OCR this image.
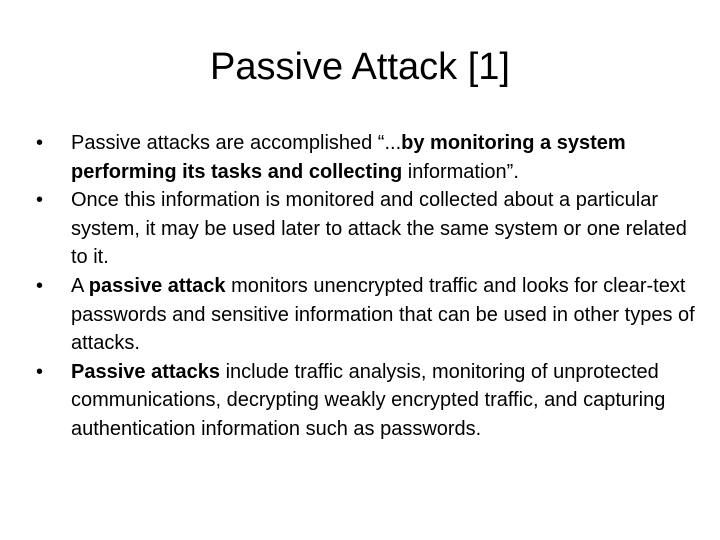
Passive Attack [1]
• Passive attacks are accomplished “...by monitoring a system performing its tasks and collecting information”.
• Once this information is monitored and collected about a particular system, it may be used later to attack the same system or one related to it.
• A passive attack monitors unencrypted traffic and looks for clear-text passwords and sensitive information that can be used in other types of attacks.
• Passive attacks include traffic analysis, monitoring of unprotected communications, decrypting weakly encrypted traffic, and capturing authentication information such as passwords.
